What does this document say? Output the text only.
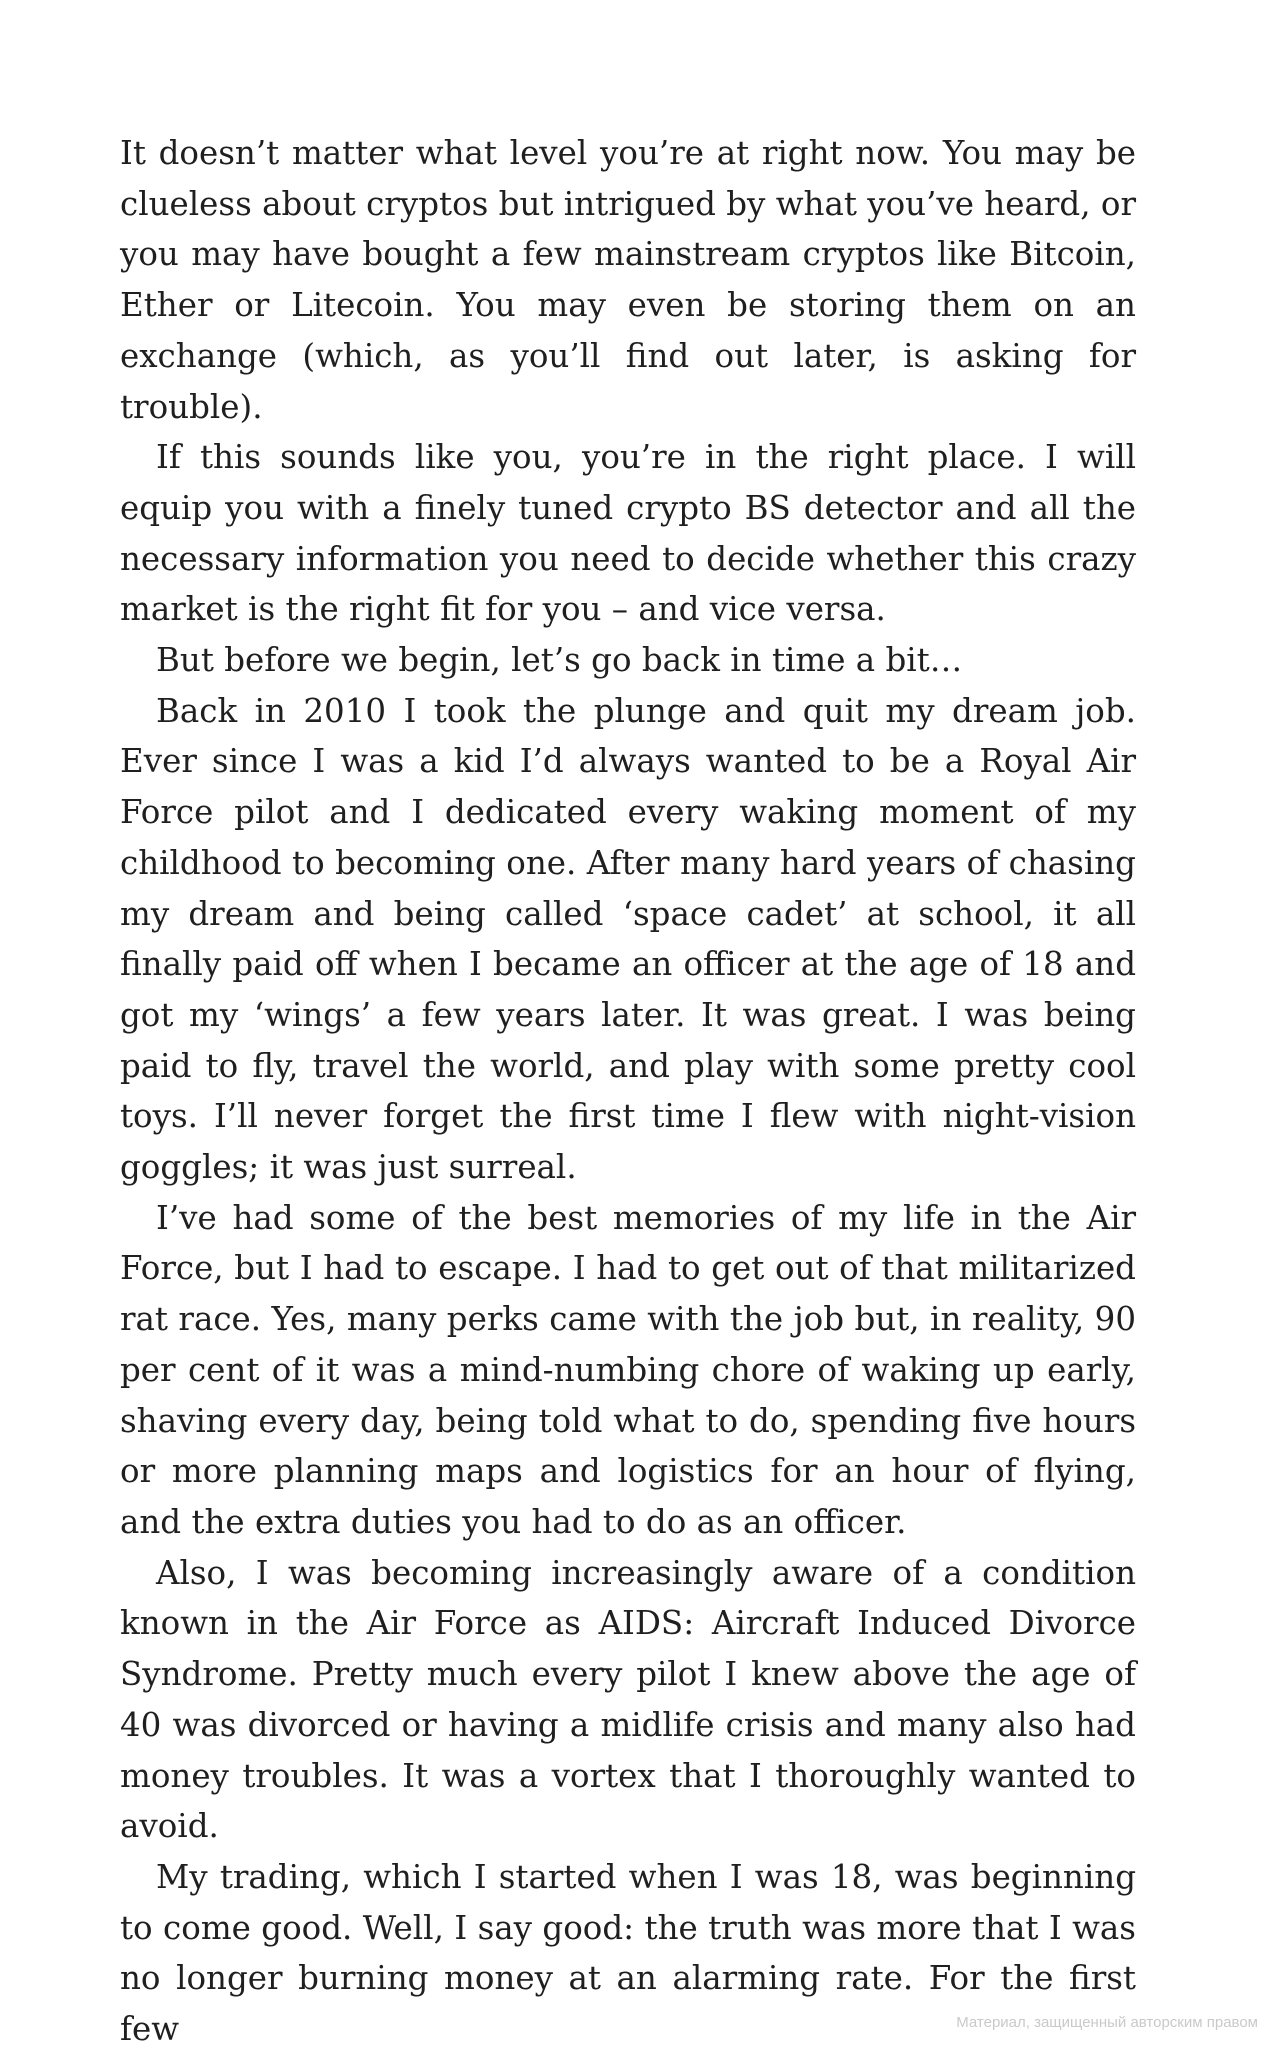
It doesn’t matter what level you’re at right now. You may be clueless about cryptos but intrigued by what you’ve heard, or you may have bought a few mainstream cryptos like Bitcoin, Ether or Litecoin. You may even be storing them on an exchange (which, as you’ll find out later, is asking for trouble).

If this sounds like you, you’re in the right place. I will equip you with a finely tuned crypto BS detector and all the necessary information you need to decide whether this crazy market is the right fit for you – and vice versa.

But before we begin, let’s go back in time a bit…

Back in 2010 I took the plunge and quit my dream job. Ever since I was a kid I’d always wanted to be a Royal Air Force pilot and I dedicated every waking moment of my childhood to becoming one. After many hard years of chasing my dream and being called ‘space cadet’ at school, it all finally paid off when I became an officer at the age of 18 and got my ‘wings’ a few years later. It was great. I was being paid to fly, travel the world, and play with some pretty cool toys. I’ll never forget the first time I flew with night-vision goggles; it was just surreal.

I’ve had some of the best memories of my life in the Air Force, but I had to escape. I had to get out of that militarized rat race. Yes, many perks came with the job but, in reality, 90 per cent of it was a mind-numbing chore of waking up early, shaving every day, being told what to do, spending five hours or more planning maps and logistics for an hour of flying, and the extra duties you had to do as an officer.

Also, I was becoming increasingly aware of a condition known in the Air Force as AIDS: Aircraft Induced Divorce Syndrome. Pretty much every pilot I knew above the age of 40 was divorced or having a midlife crisis and many also had money troubles. It was a vortex that I thoroughly wanted to avoid.

My trading, which I started when I was 18, was beginning to come good. Well, I say good: the truth was more that I was no longer burning money at an alarming rate. For the first few	Материал, защищенный авторским правом
